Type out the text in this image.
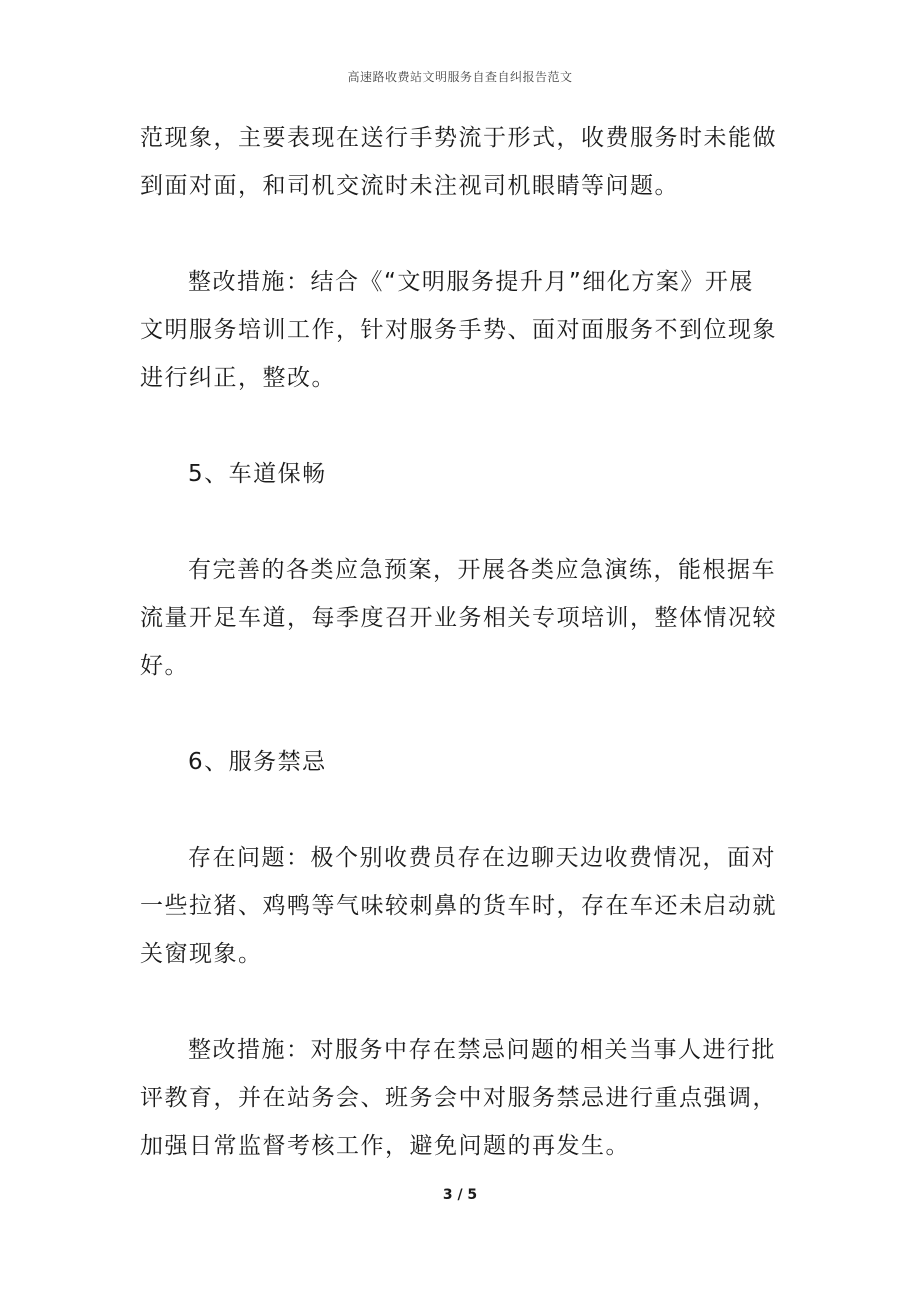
高速路收费站文明服务自查自纠报告范文

范现象，主要表现在送行手势流于形式，收费服务时未能做
到面对面，和司机交流时未注视司机眼睛等问题。

整改措施：结合《“文明服务提升月”细化方案》开展
文明服务培训工作，针对服务手势、面对面服务不到位现象
进行纠正，整改。

5、车道保畅

有完善的各类应急预案，开展各类应急演练，能根据车
流量开足车道，每季度召开业务相关专项培训，整体情况较
好。

6、服务禁忌

存在问题：极个别收费员存在边聊天边收费情况，面对
一些拉猪、鸡鸭等气味较刺鼻的货车时，存在车还未启动就
关窗现象。

整改措施：对服务中存在禁忌问题的相关当事人进行批
评教育，并在站务会、班务会中对服务禁忌进行重点强调，
加强日常监督考核工作，避免问题的再发生。

3 / 5
